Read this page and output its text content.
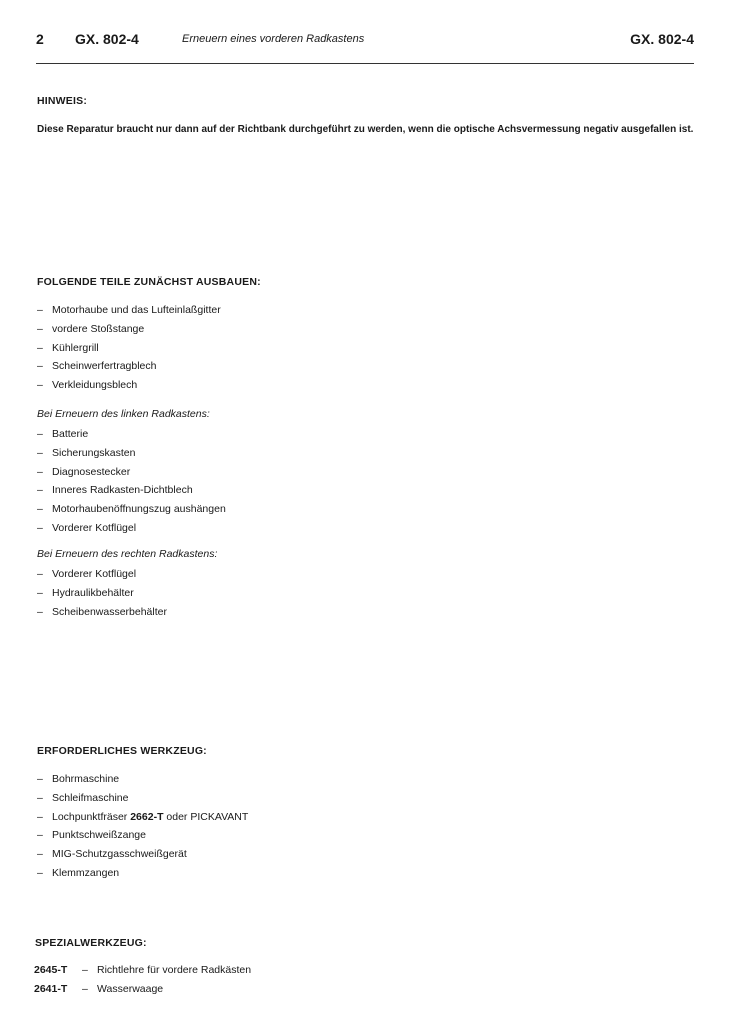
2 GX. 802-4	Erneuern eines vorderen Radkastens	GX. 802-4
HINWEIS:
Diese Reparatur braucht nur dann auf der Richtbank durchgeführt zu werden, wenn die optische Achsvermessung negativ ausgefallen ist.
FOLGENDE TEILE ZUNÄCHST AUSBAUEN:
– Motorhaube und das Lufteinlaßgitter
– vordere Stoßstange
– Kühlergrill
– Scheinwerfertragblech
– Verkleidungsblech
Bei Erneuern des linken Radkastens:
– Batterie
– Sicherungskasten
– Diagnosestecker
– Inneres Radkasten-Dichtblech
– Motorhaubenöffnungszug aushängen
– Vorderer Kotflügel
Bei Erneuern des rechten Radkastens:
– Vorderer Kotflügel
– Hydraulikbehälter
– Scheibenwasserbehälter
ERFORDERLICHES WERKZEUG:
– Bohrmaschine
– Schleifmaschine
– Lochpunktfräser 2662-T oder PICKAVANT
– Punktschweißzange
– MIG-Schutzgasschweißgerät
– Klemmzangen
SPEZIALWERKZEUG:
2645-T – Richtlehre für vordere Radkästen
2641-T – Wasserwaage
